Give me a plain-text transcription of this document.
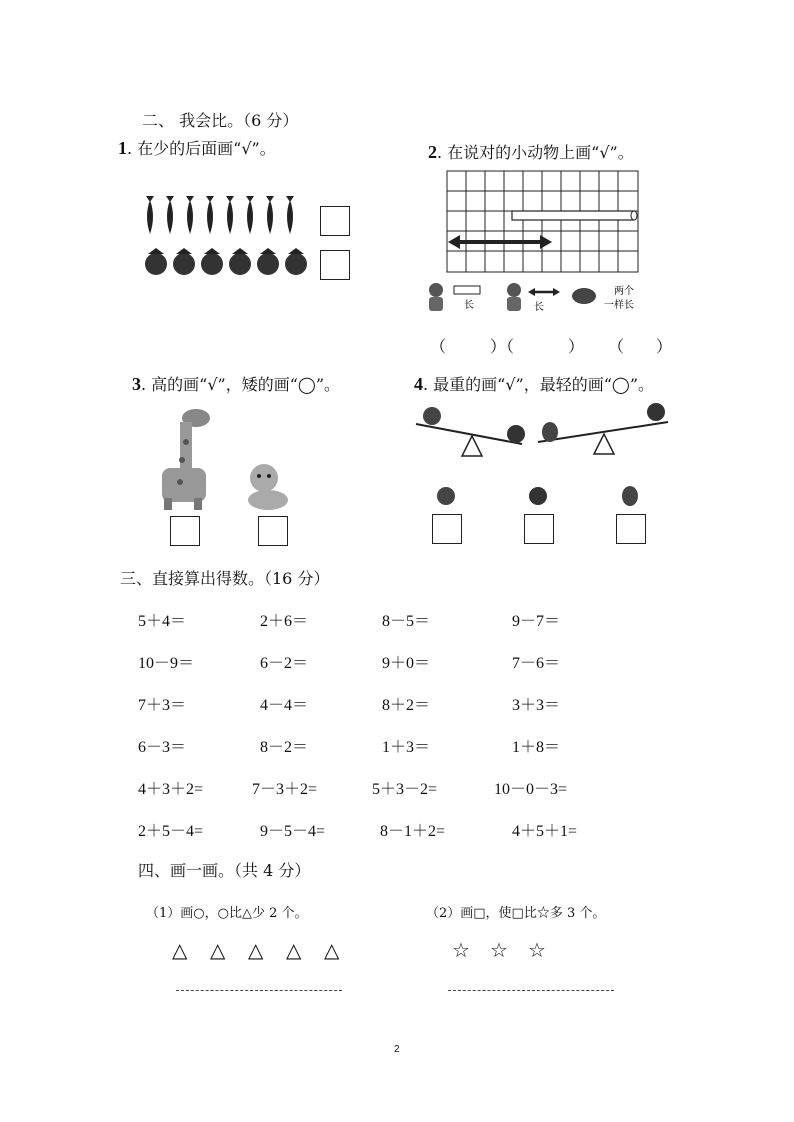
二、 我会比。（6 分）
1. 在少的后面画“√”。	2. 在说对的小动物上画“√”。
长	长
两个
一样长
（	）（	） （ ）
3. 高的画“√”，矮的画“◯”。	4. 最重的画“√”，最轻的画“◯”。
三、直接算出得数。（16 分）
5＋4＝	2＋6＝	8－5＝	9－7＝
10－9＝	6－2＝	9＋0＝	7－6＝
7＋3＝	4－4＝	8＋2＝	3＋3＝
6－3＝	8－2＝	1＋3＝	1＋8＝
4＋3＋2=	7－3＋2=	5＋3－2=	10－0－3=
2＋5－4=	9－5－4=	8－1＋2=	4＋5＋1=
四、画一画。（共 4 分）
（1）画○，○比△少 2 个。	（2）画□，使□比☆多 3 个。
△ △ △ △ △	☆ ☆ ☆
2
